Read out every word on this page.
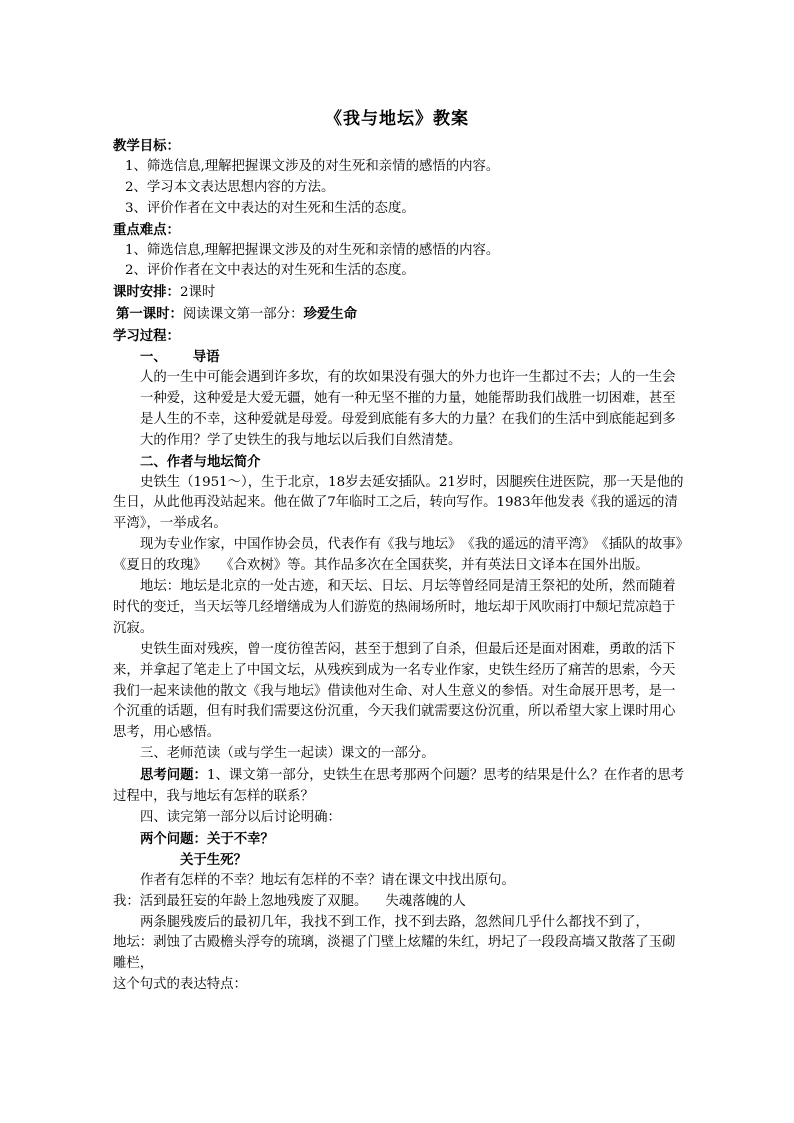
《我与地坛》教案

教学目标：

1、筛选信息,理解把握课文涉及的对生死和亲情的感悟的内容。

2、学习本文表达思想内容的方法。

3、评价作者在文中表达的对生死和生活的态度。

重点难点：

1、筛选信息,理解把握课文涉及的对生死和亲情的感悟的内容。

2、评价作者在文中表达的对生死和生活的态度。

课时安排：2课时

第一课时：阅读课文第一部分：珍爱生命

学习过程：

一、 导语

人的一生中可能会遇到许多坎，有的坎如果没有强大的外力也许一生都过不去；人的一生会一种爱，这种爱是大爱无疆，她有一种无坚不摧的力量，她能帮助我们战胜一切困难，甚至是人生的不幸，这种爱就是母爱。母爱到底能有多大的力量？在我们的生活中到底能起到多大的作用？学了史铁生的我与地坛以后我们自然清楚。

二、作者与地坛简介

史铁生（1951～），生于北京，18岁去延安插队。21岁时，因腿疾住进医院，那一天是他的生日，从此他再没站起来。他在做了7年临时工之后，转向写作。1983年他发表《我的遥远的清平湾》，一举成名。

现为专业作家，中国作协会员，代表作有《我与地坛》　《我的遥远的清平湾》　《插队的故事》　《夏日的玫瑰》　　《合欢树》等。其作品多次在全国获奖，并有英法日文译本在国外出版。

地坛：地坛是北京的一处古迹，和天坛、日坛、月坛等曾经同是清王祭祀的处所，然而随着时代的变迁，当天坛等几经增缮成为人们游览的热闹场所时，地坛却于风吹雨打中颓圮荒凉趋于沉寂。

史铁生面对残疾，曾一度彷徨苦闷，甚至于想到了自杀，但最后还是面对困难，勇敢的活下来，并拿起了笔走上了中国文坛，从残疾到成为一名专业作家，史铁生经历了痛苦的思索，今天我们一起来读他的散文《我与地坛》借读他对生命、对人生意义的参悟。对生命展开思考，是一个沉重的话题，但有时我们需要这份沉重，今天我们就需要这份沉重，所以希望大家上课时用心思考，用心感悟。

三、老师范读（或与学生一起读）课文的一部分。

思考问题：1、课文第一部分，史铁生在思考那两个问题？思考的结果是什么？在作者的思考过程中，我与地坛有怎样的联系？

四、读完第一部分以后讨论明确：

两个问题：关于不幸？

关于生死？

作者有怎样的不幸？地坛有怎样的不幸？请在课文中找出原句。

我：活到最狂妄的年龄上忽地残废了双腿。 失魂落魄的人

两条腿残废后的最初几年，我找不到工作，找不到去路，忽然间几乎什么都找不到了，

地坛：剥蚀了古殿檐头浮夸的琉璃，淡褪了门壁上炫耀的朱红，坍圮了一段段高墙又散落了玉砌雕栏，

这个句式的表达特点：
